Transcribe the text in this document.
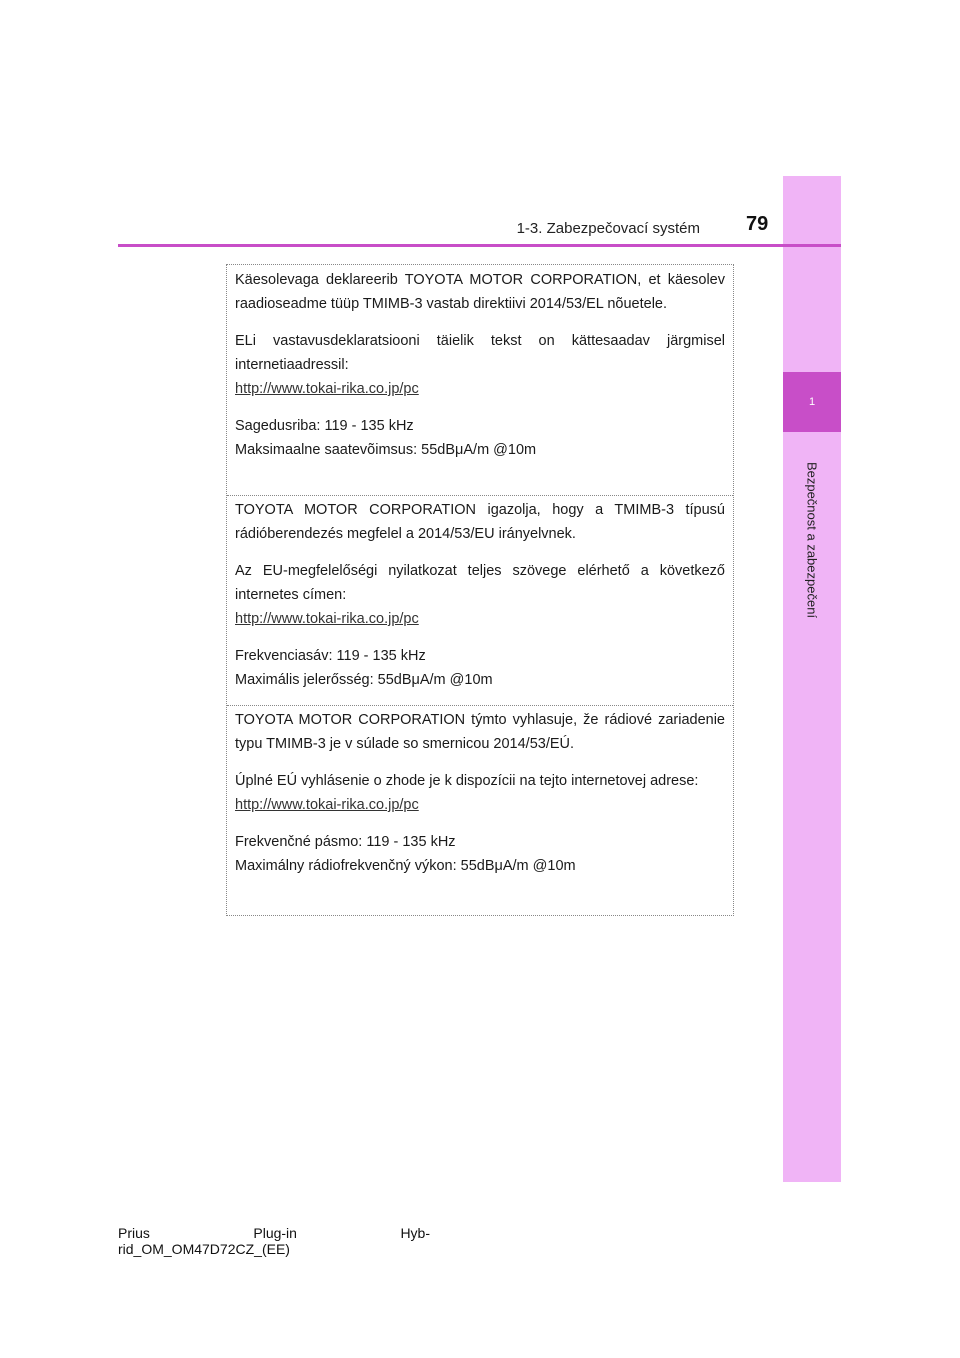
1
Bezpečnost a zabezpečení
1-3. Zabezpečovací systém 79

Käesolevaga deklareerib TOYOTA MOTOR CORPORATION, et käesolev raadioseadme tüüp TMIMB-3 vastab direktiivi 2014/53/EL nõuetele.

ELi vastavusdeklaratsiooni täielik tekst on kättesaadav järgmisel internetiaadressil:

http://www.tokai-rika.co.jp/pc

Sagedusriba: 119 - 135 kHz

Maksimaalne saatevõimsus: 55dBμA/m @10m

TOYOTA MOTOR CORPORATION igazolja, hogy a TMIMB-3 típusú rádióberendezés megfelel a 2014/53/EU irányelvnek.

Az EU-megfelelőségi nyilatkozat teljes szövege elérhető a következő internetes címen:

http://www.tokai-rika.co.jp/pc

Frekvenciasáv: 119 - 135 kHz

Maximális jelerősség: 55dBμA/m @10m

TOYOTA MOTOR CORPORATION týmto vyhlasuje, že rádiové zariadenie typu TMIMB-3 je v súlade so smernicou 2014/53/EÚ.

Úplné EÚ vyhlásenie o zhode je k dispozícii na tejto internetovej adrese:

http://www.tokai-rika.co.jp/pc

Frekvenčné pásmo: 119 - 135 kHz

Maximálny rádiofrekvenčný výkon: 55dBμA/m @10m

Prius	Plug-in	Hyb-
rid_OM_OM47D72CZ_(EE)
